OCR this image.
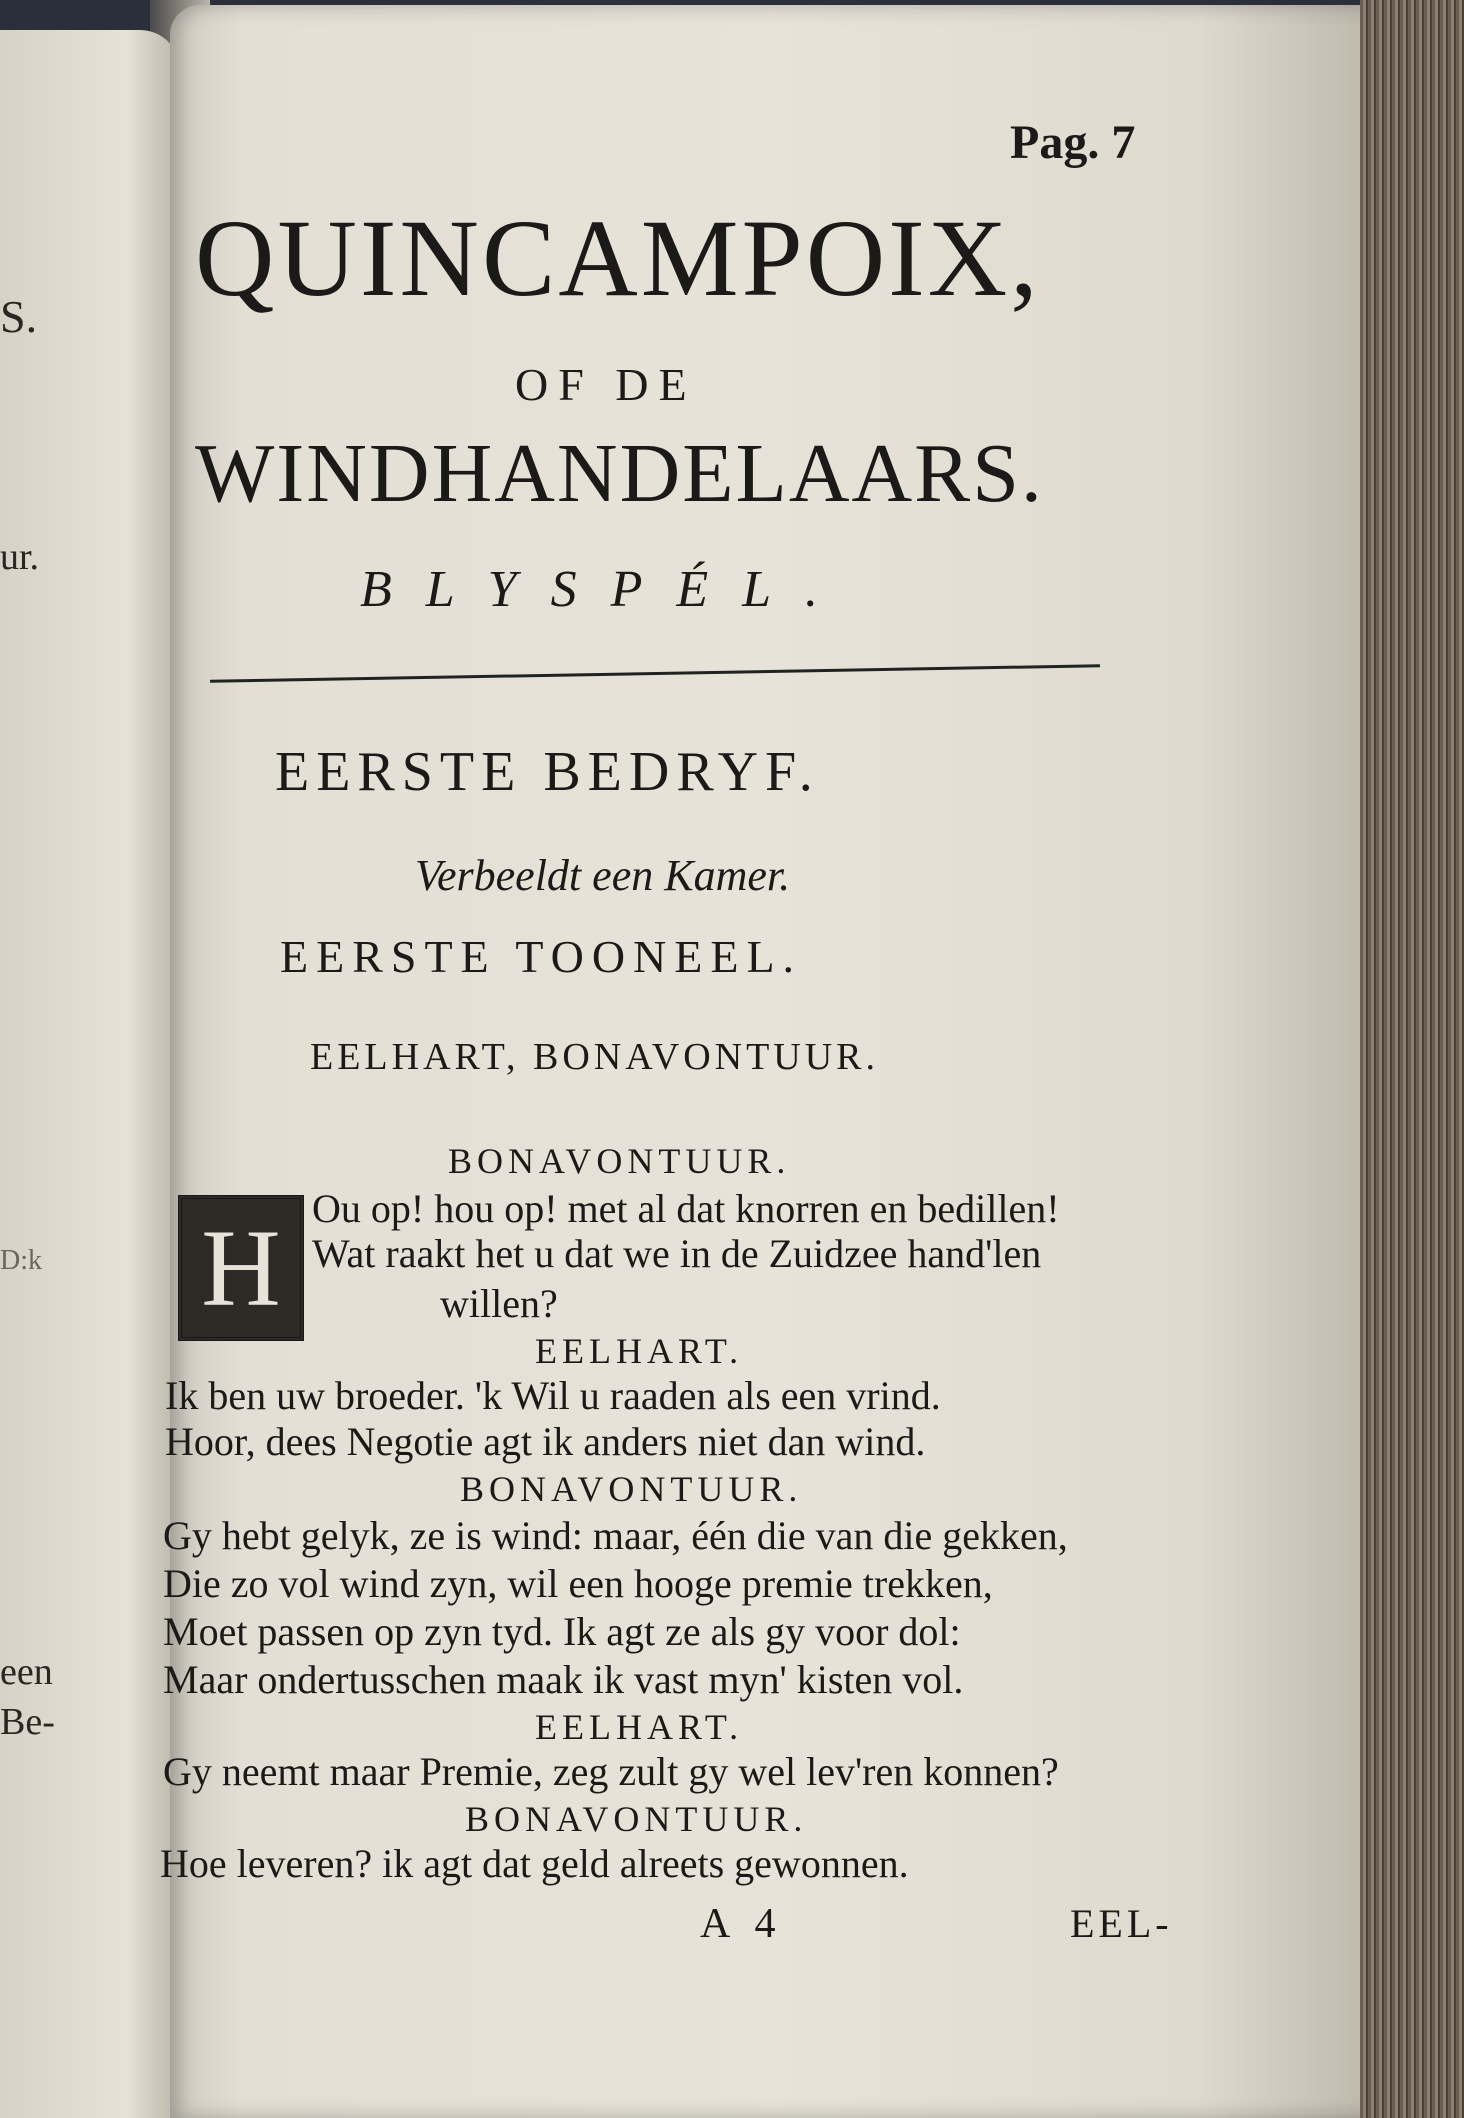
S.
ur.
D:k
een
Be-
Pag. 7
QUINCAMPOIX,
OF DE
WINDHANDELAARS.
BLYSPÉL.
EERSTE BEDRYF.
Verbeeldt een Kamer.
EERSTE TOONEEL.
EELHART, BONAVONTUUR.
H
BONAVONTUUR.
Ou op! hou op! met al dat knorren en bedillen!
Wat raakt het u dat we in de Zuidzee hand'len
willen?
EELHART.
Ik ben uw broeder. 'k Wil u raaden als een vrind.
Hoor, dees Negotie agt ik anders niet dan wind.
BONAVONTUUR.
Gy hebt gelyk, ze is wind: maar, één die van die gekken,
Die zo vol wind zyn, wil een hooge premie trekken,
Moet passen op zyn tyd. Ik agt ze als gy voor dol:
Maar ondertusschen maak ik vast myn' kisten vol.
EELHART.
Gy neemt maar Premie, zeg zult gy wel lev'ren konnen?
BONAVONTUUR.
Hoe leveren? ik agt dat geld alreets gewonnen.
A 4	EEL-
